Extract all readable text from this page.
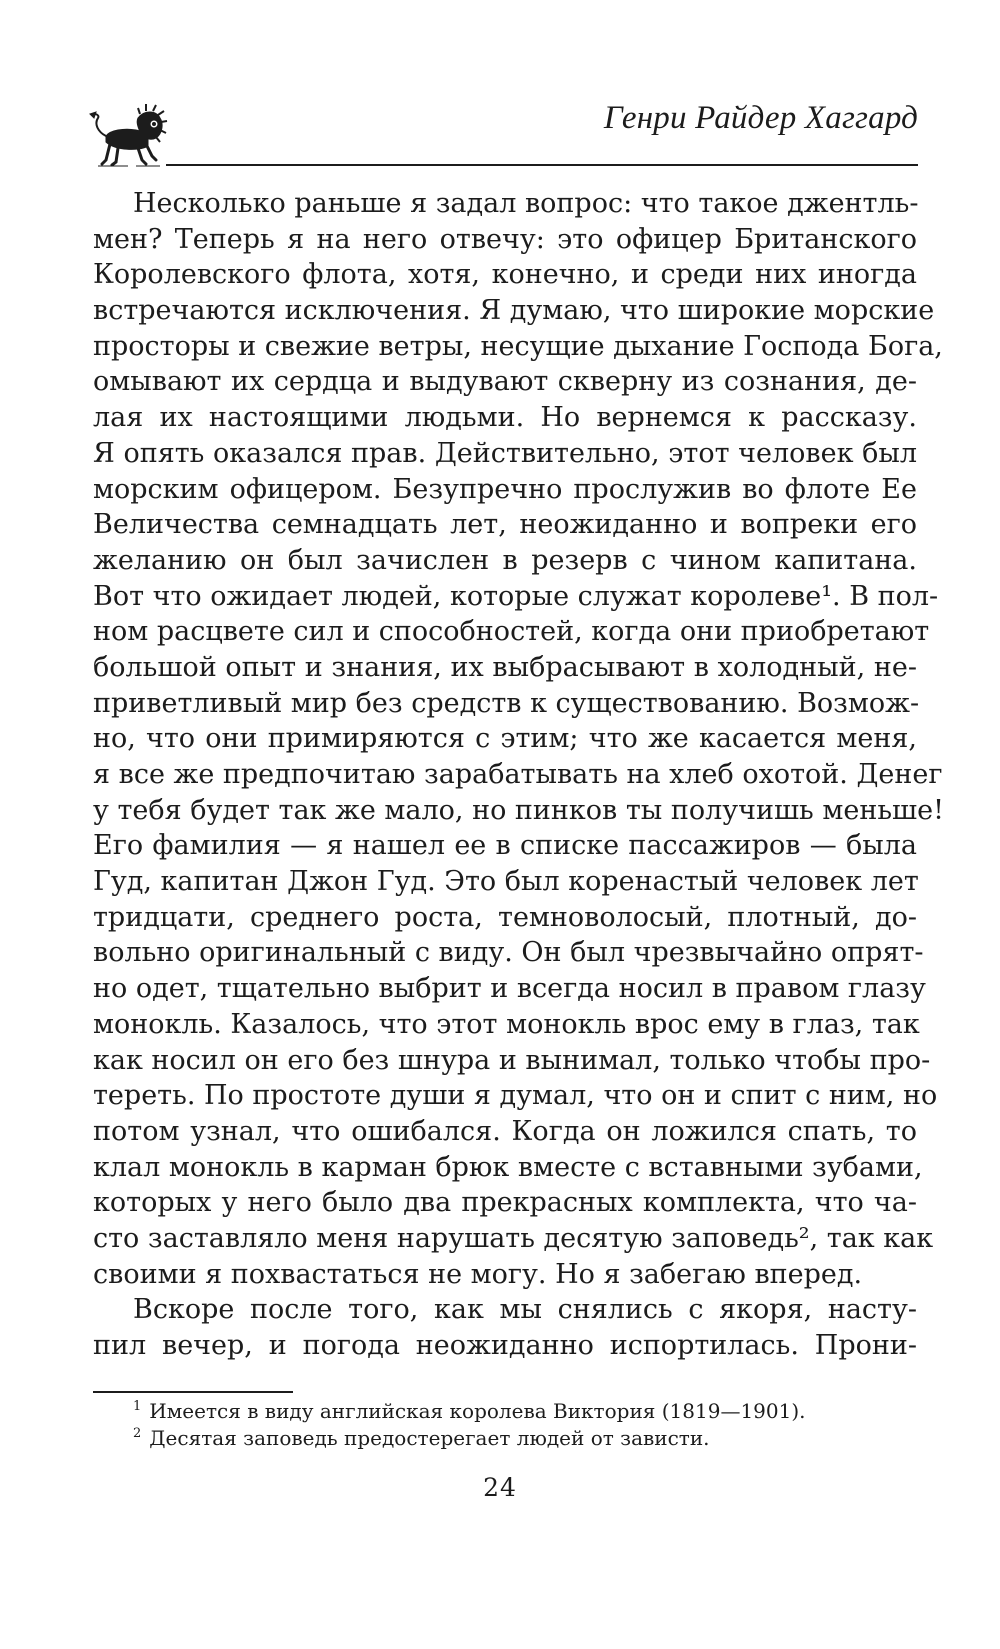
Генри Райдер Хаггард
Несколько раньше я задал вопрос: что такое джентль-
мен? Теперь я на него отвечу: это офицер Британского
Королевского флота, хотя, конечно, и среди них иногда
встречаются исключения. Я думаю, что широкие морские
просторы и свежие ветры, несущие дыхание Господа Бога,
омывают их сердца и выдувают скверну из сознания, де-
лая их настоящими людьми. Но вернемся к рассказу.
Я опять оказался прав. Действительно, этот человек был
морским офицером. Безупречно прослужив во флоте Ее
Величества семнадцать лет, неожиданно и вопреки его
желанию он был зачислен в резерв с чином капитана.
Вот что ожидает людей, которые служат королеве¹. В пол-
ном расцвете сил и способностей, когда они приобретают
большой опыт и знания, их выбрасывают в холодный, не-
приветливый мир без средств к существованию. Возмож-
но, что они примиряются с этим; что же касается меня,
я все же предпочитаю зарабатывать на хлеб охотой. Денег
у тебя будет так же мало, но пинков ты получишь меньше!
Его фамилия — я нашел ее в списке пассажиров — была
Гуд, капитан Джон Гуд. Это был коренастый человек лет
тридцати, среднего роста, темноволосый, плотный, до-
вольно оригинальный с виду. Он был чрезвычайно опрят-
но одет, тщательно выбрит и всегда носил в правом глазу
монокль. Казалось, что этот монокль врос ему в глаз, так
как носил он его без шнура и вынимал, только чтобы про-
тереть. По простоте души я думал, что он и спит с ним, но
потом узнал, что ошибался. Когда он ложился спать, то
клал монокль в карман брюк вместе с вставными зубами,
которых у него было два прекрасных комплекта, что ча-
сто заставляло меня нарушать десятую заповедь², так как
своими я похвастаться не могу. Но я забегаю вперед.
Вскоре после того, как мы снялись с якоря, насту-
пил вечер, и погода неожиданно испортилась. Прони-
$^1$ Имеется в виду английская королева Виктория (1819—1901).
$^2$ Десятая заповедь предостерегает людей от зависти.
24
